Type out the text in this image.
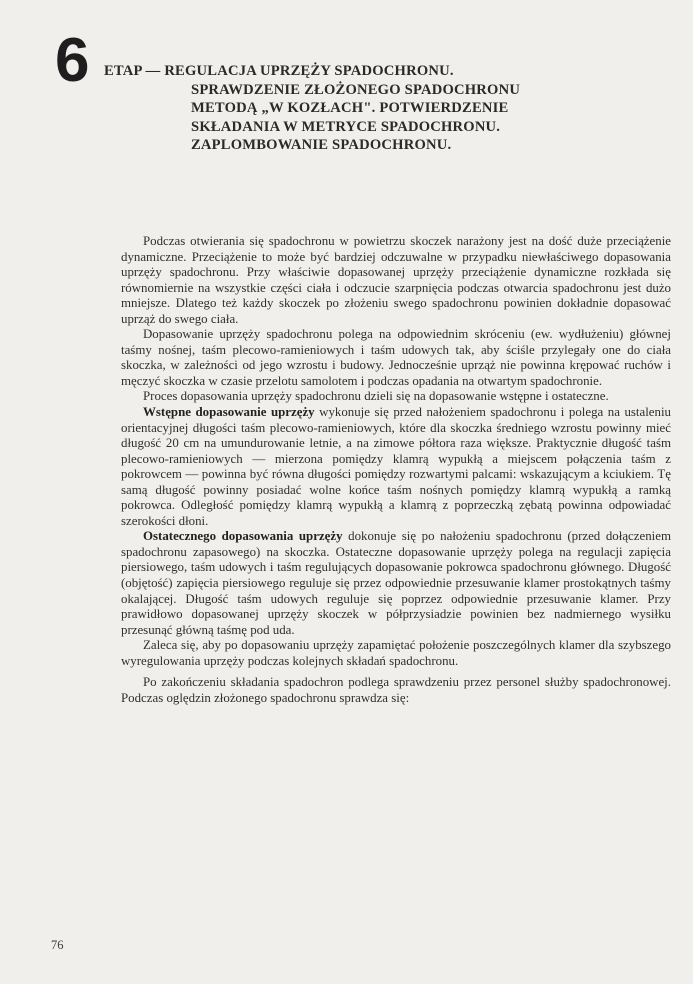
6 ETAP — REGULACJA UPRZĘŻY SPADOCHRONU.
SPRAWDZENIE ZŁOŻONEGO SPADOCHRONU
METODĄ „W KOZŁACH". POTWIERDZENIE
SKŁADANIA W METRYCE SPADOCHRONU.
ZAPLOMBOWANIE SPADOCHRONU.

Podczas otwierania się spadochronu w powietrzu skoczek narażony jest na dość duże przeciążenie dynamiczne. Przeciążenie to może być bardziej odczuwalne w przypadku niewłaściwego dopasowania uprzęży spadochronu. Przy właściwie dopasowanej uprzęży przeciążenie dynamiczne rozkłada się równomiernie na wszystkie części ciała i odczucie szarpnięcia podczas otwarcia spadochronu jest dużo mniejsze. Dlatego też każdy skoczek po złożeniu swego spadochronu powinien dokładnie dopasować uprząż do swego ciała.

Dopasowanie uprzęży spadochronu polega na odpowiednim skróceniu (ew. wydłużeniu) głównej taśmy nośnej, taśm plecowo-ramieniowych i taśm udowych tak, aby ściśle przylegały one do ciała skoczka, w zależności od jego wzrostu i budowy. Jednocześnie uprząż nie powinna krępować ruchów i męczyć skoczka w czasie przelotu samolotem i podczas opadania na otwartym spadochronie.

Proces dopasowania uprzęży spadochronu dzieli się na dopasowanie wstępne i ostateczne.

Wstępne dopasowanie uprzęży wykonuje się przed nałożeniem spadochronu i polega na ustaleniu orientacyjnej długości taśm plecowo-ramieniowych, które dla skoczka średniego wzrostu powinny mieć długość 20 cm na umundurowanie letnie, a na zimowe półtora raza większe. Praktycznie długość taśm plecowo-ramieniowych — mierzona pomiędzy klamrą wypukłą a miejscem połączenia taśm z pokrowcem — powinna być równa długości pomiędzy rozwartymi palcami: wskazującym a kciukiem. Tę samą długość powinny posiadać wolne końce taśm nośnych pomiędzy klamrą wypukłą a ramką pokrowca. Odległość pomiędzy klamrą wypukłą a klamrą z poprzeczką zębatą powinna odpowiadać szerokości dłoni.

Ostatecznego dopasowania uprzęży dokonuje się po nałożeniu spadochronu (przed dołączeniem spadochronu zapasowego) na skoczka. Ostateczne dopasowanie uprzęży polega na regulacji zapięcia piersiowego, taśm udowych i taśm regulujących dopasowanie pokrowca spadochronu głównego. Długość (objętość) zapięcia piersiowego reguluje się przez odpowiednie przesuwanie klamer prostokątnych taśmy okalającej. Długość taśm udowych reguluje się poprzez odpowiednie przesuwanie klamer. Przy prawidłowo dopasowanej uprzęży skoczek w półprzysiadzie powinien bez nadmiernego wysiłku przesunąć główną taśmę pod uda.

Zaleca się, aby po dopasowaniu uprzęży zapamiętać położenie poszczególnych klamer dla szybszego wyregulowania uprzęży podczas kolejnych składań spadochronu.

Po zakończeniu składania spadochron podlega sprawdzeniu przez personel służby spadochronowej. Podczas oględzin złożonego spadochronu sprawdza się:

76
